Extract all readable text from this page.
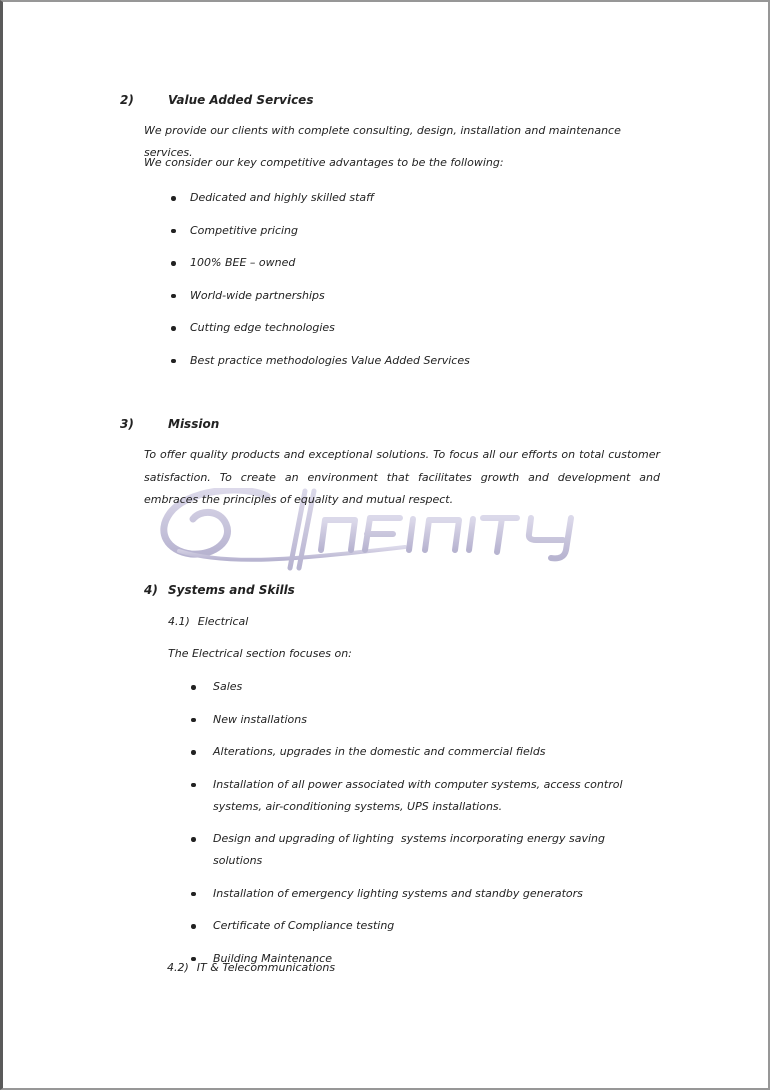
2)	Value Added Services

We provide our clients with complete consulting, design, installation and maintenance services.

We consider our key competitive advantages to be the following:

Dedicated and highly skilled staff
Competitive pricing
100% BEE – owned
World-wide partnerships
Cutting edge technologies
Best practice methodologies Value Added Services
3)	Mission

To offer quality products and exceptional solutions. To focus all our efforts on total customer satisfaction. To create an environment that facilitates growth and development and embraces the principles of equality and mutual respect.

4) Systems and Skills
4.1) Electrical

The Electrical section focuses on:

Sales
New installations
Alterations, upgrades in the domestic and commercial fields
Installation of all power associated with computer systems, access control systems, air-conditioning systems, UPS installations.
Design and upgrading of lighting  systems incorporating energy saving solutions
Installation of emergency lighting systems and standby generators
Certificate of Compliance testing
Building Maintenance
4.2) IT & Telecommunications
